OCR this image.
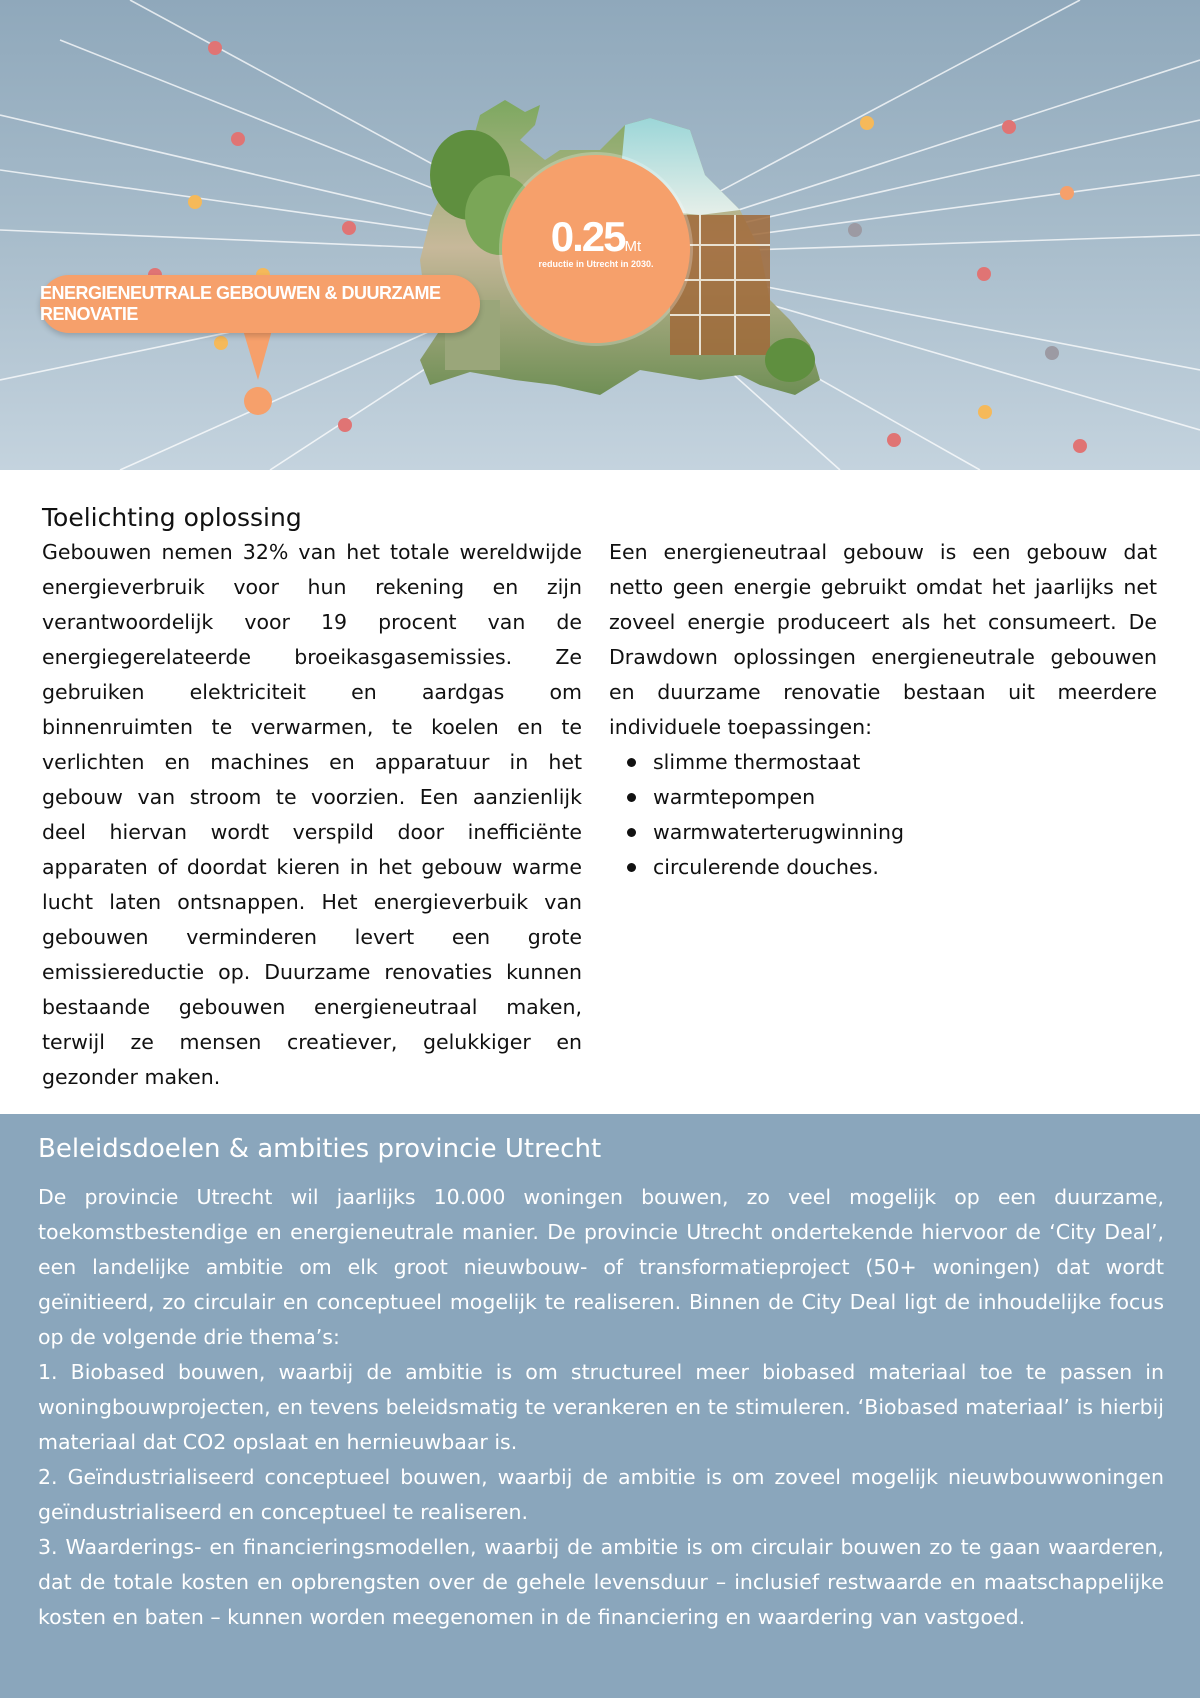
ENERGIENEUTRALE GEBOUWEN & DUURZAME RENOVATIE
0.25Mt
reductie in Utrecht in 2030.
Toelichting oplossing

Gebouwen nemen 32% van het totale wereldwijde energieverbruik voor hun rekening en zijn verantwoordelijk voor 19 procent van de energiegerelateerde broeikasgasemissies. Ze gebruiken elektriciteit en aardgas om binnenruimten te verwarmen, te koelen en te verlichten en machines en apparatuur in het gebouw van stroom te voorzien. Een aanzienlijk deel hiervan wordt verspild door inefficiënte apparaten of doordat kieren in het gebouw warme lucht laten ontsnappen. Het energieverbuik van gebouwen verminderen levert een grote emissiereductie op. Duurzame renovaties kunnen bestaande gebouwen energieneutraal maken, terwijl ze mensen creatiever, gelukkiger en gezonder maken.

Een energieneutraal gebouw is een gebouw dat netto geen energie gebruikt omdat het jaarlijks net zoveel energie produceert als het consumeert. De Drawdown oplossingen energieneutrale gebouwen en duurzame renovatie bestaan uit meerdere individuele toepassingen:

slimme thermostaat
warmtepompen
warmwaterterugwinning
circulerende douches.
Beleidsdoelen & ambities provincie Utrecht

De provincie Utrecht wil jaarlijks 10.000 woningen bouwen, zo veel mogelijk op een duurzame, toekomstbestendige en energieneutrale manier. De provincie Utrecht ondertekende hiervoor de ‘City Deal’, een landelijke ambitie om elk groot nieuwbouw- of transformatieproject (50+ woningen) dat wordt geïnitieerd, zo circulair en conceptueel mogelijk te realiseren. Binnen de City Deal ligt de inhoudelijke focus op de volgende drie thema’s:

1. Biobased bouwen, waarbij de ambitie is om structureel meer biobased materiaal toe te passen in woningbouwprojecten, en tevens beleidsmatig te verankeren en te stimuleren. ‘Biobased materiaal’ is hierbij materiaal dat CO2 opslaat en hernieuwbaar is.

2. Geïndustrialiseerd conceptueel bouwen, waarbij de ambitie is om zoveel mogelijk nieuwbouwwoningen geïndustrialiseerd en conceptueel te realiseren.

3. Waarderings- en financieringsmodellen, waarbij de ambitie is om circulair bouwen zo te gaan waarderen, dat de totale kosten en opbrengsten over de gehele levensduur – inclusief restwaarde en maatschappelijke kosten en baten – kunnen worden meegenomen in de financiering en waardering van vastgoed.
